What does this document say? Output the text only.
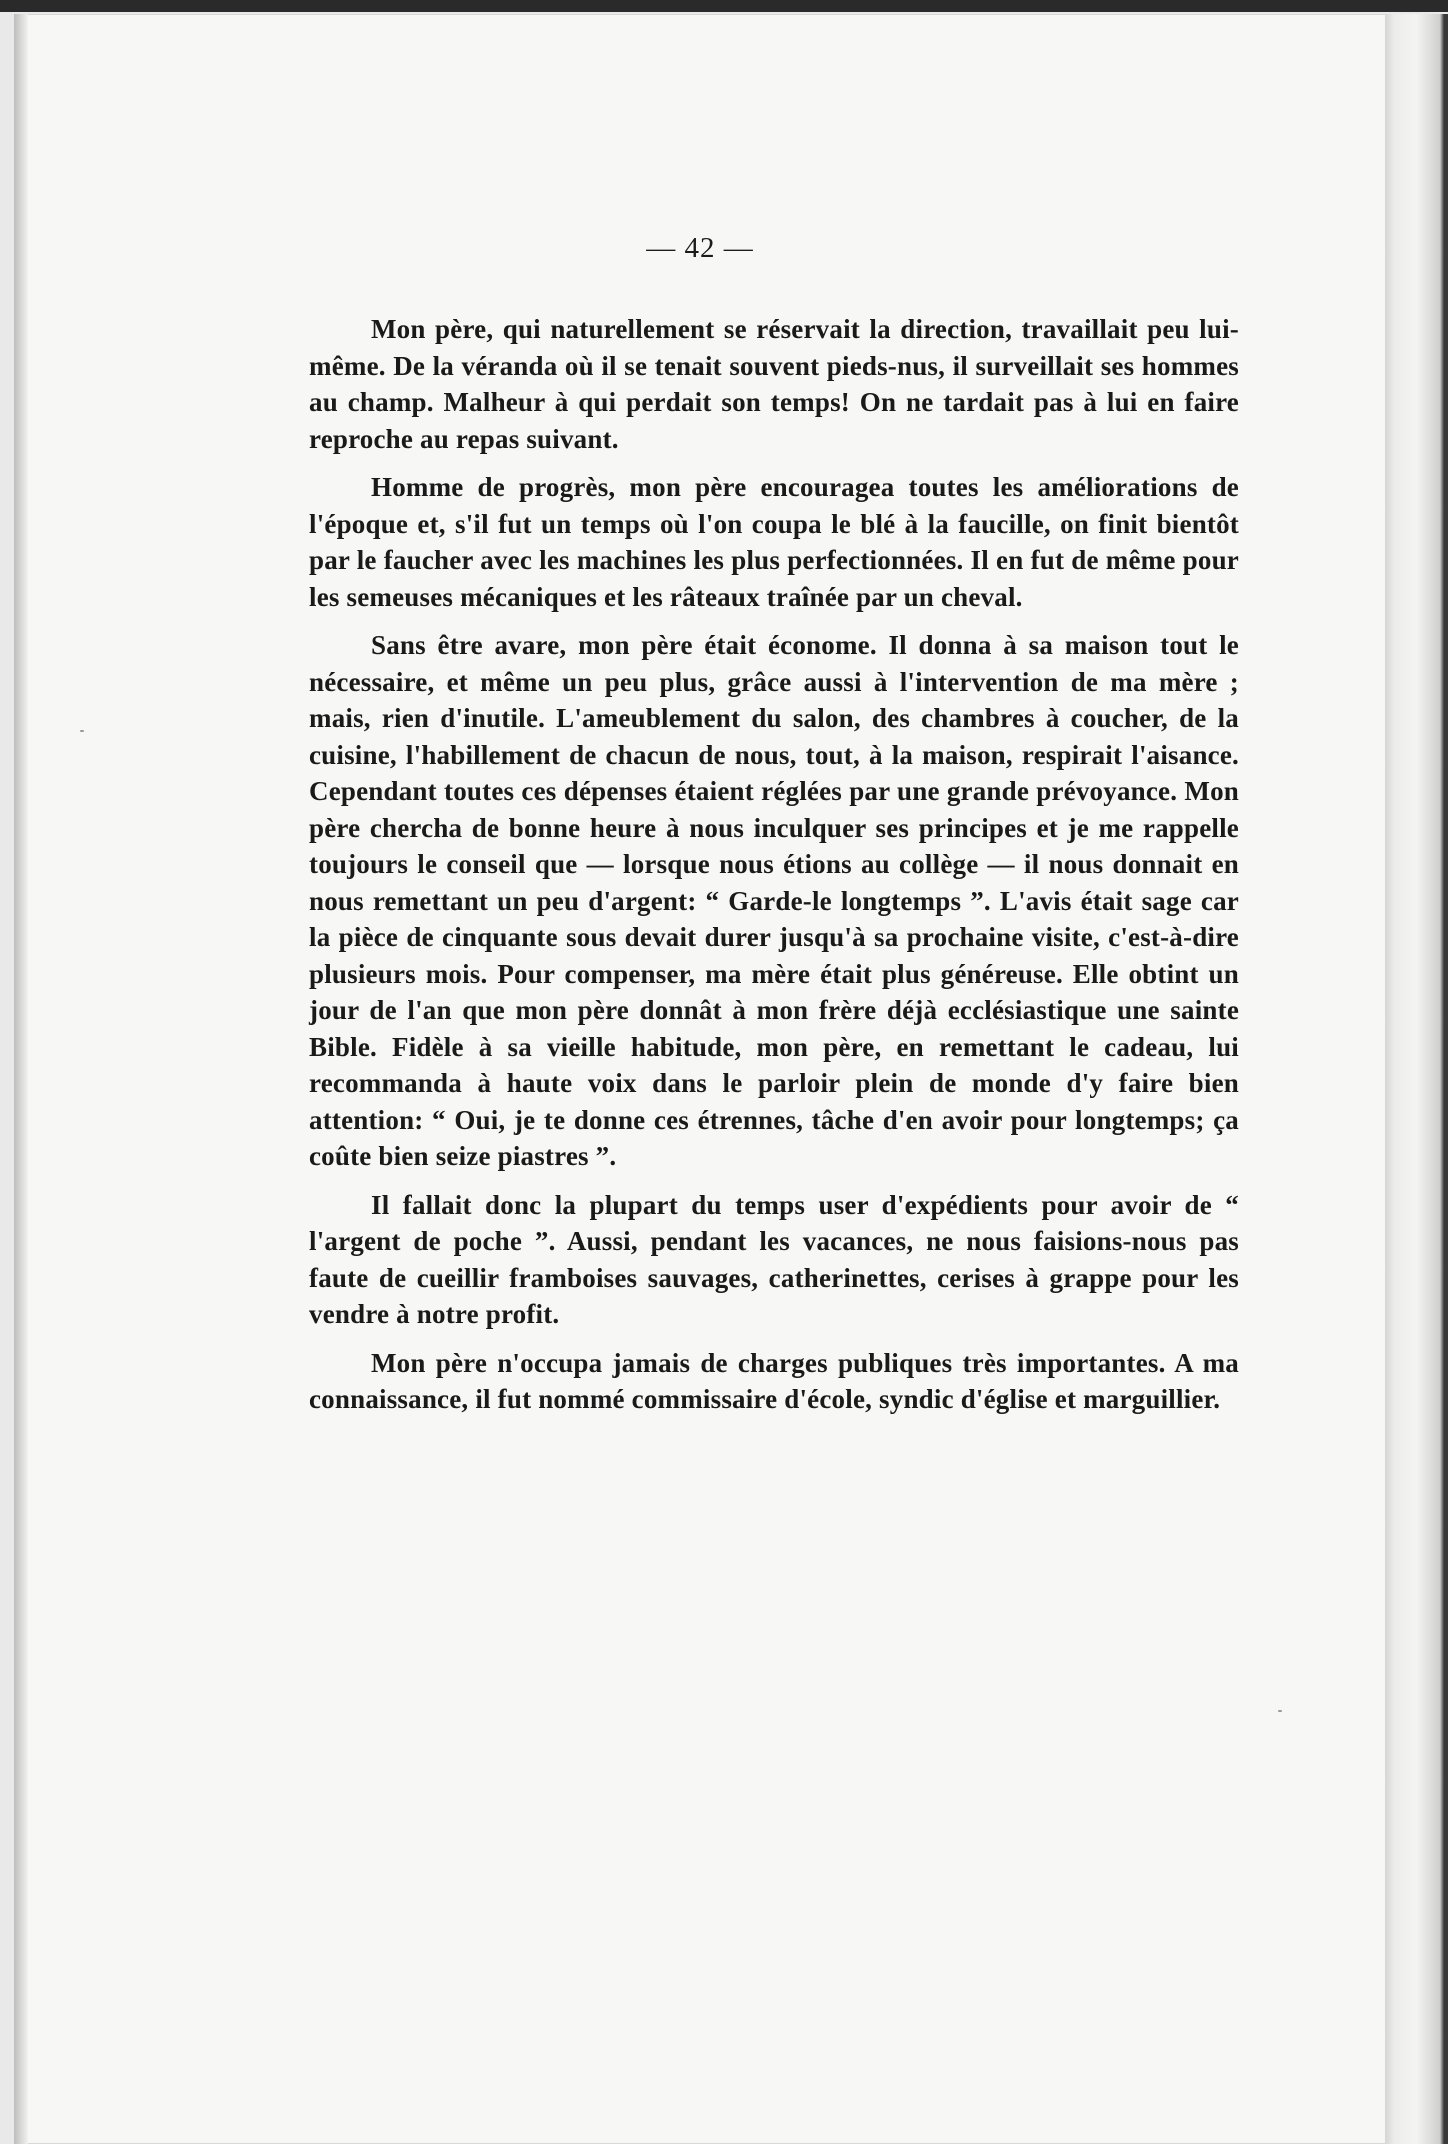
— 42 —

Mon père, qui naturellement se réservait la direction, travaillait peu lui-même. De la véranda où il se tenait souvent pieds-nus, il surveillait ses hommes au champ. Malheur à qui perdait son temps! On ne tardait pas à lui en faire reproche au repas suivant.

Homme de progrès, mon père encouragea toutes les améliorations de l'époque et, s'il fut un temps où l'on coupa le blé à la faucille, on finit bientôt par le faucher avec les machines les plus perfectionnées. Il en fut de même pour les semeuses mécaniques et les râteaux traînée par un cheval.

Sans être avare, mon père était économe. Il donna à sa maison tout le nécessaire, et même un peu plus, grâce aussi à l'intervention de ma mère ; mais, rien d'inutile. L'ameublement du salon, des chambres à coucher, de la cuisine, l'habillement de chacun de nous, tout, à la maison, respirait l'aisance. Cependant toutes ces dépenses étaient réglées par une grande prévoyance. Mon père chercha de bonne heure à nous inculquer ses principes et je me rappelle toujours le conseil que — lorsque nous étions au collège — il nous donnait en nous remettant un peu d'argent: “ Garde-le longtemps ”. L'avis était sage car la pièce de cinquante sous devait durer jusqu'à sa prochaine visite, c'est-à-dire plusieurs mois. Pour compenser, ma mère était plus généreuse. Elle obtint un jour de l'an que mon père donnât à mon frère déjà ecclésiastique une sainte Bible. Fidèle à sa vieille habitude, mon père, en remettant le cadeau, lui recommanda à haute voix dans le parloir plein de monde d'y faire bien attention: “ Oui, je te donne ces étrennes, tâche d'en avoir pour longtemps; ça coûte bien seize piastres ”.

Il fallait donc la plupart du temps user d'expédients pour avoir de “ l'argent de poche ”. Aussi, pendant les vacances, ne nous faisions-nous pas faute de cueillir framboises sauvages, catherinettes, cerises à grappe pour les vendre à notre profit.

Mon père n'occupa jamais de charges publiques très importantes. A ma connaissance, il fut nommé commissaire d'école, syndic d'église et marguillier.
